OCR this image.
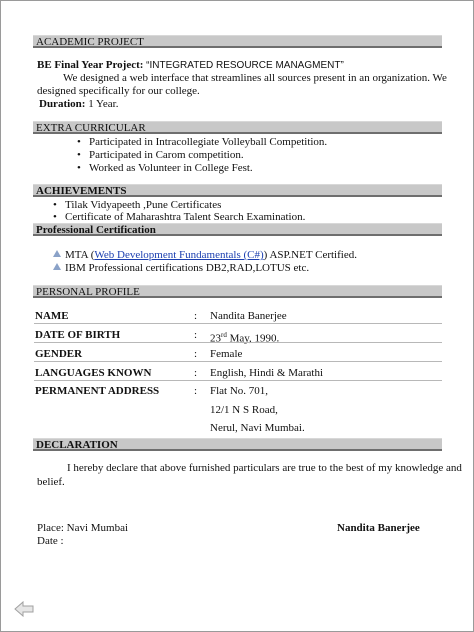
ACADEMIC PROJECT
BE Final Year Project: “INTEGRATED RESOURCE MANAGMENT”
We designed a web interface that streamlines all sources present in an organization. We
designed specifically for our college.
Duration: 1 Year.
EXTRA CURRICULAR
• Participated in Intracollegiate Volleyball Competition.
• Participated in Carom competition.
• Worked as Volunteer in College Fest.
ACHIEVEMENTS
• Tilak Vidyapeeth ,Pune Certificates
• Certificate of Maharashtra Talent Search Examination.
Professional Certification
MTA (Web Development Fundamentals (C#)) ASP.NET Certified.
IBM Professional certifications DB2,RAD,LOTUS etc.
PERSONAL PROFILE
NAME	: Nandita Banerjee
DATE OF BIRTH	: 23rd May, 1990.
GENDER	: Female
LANGUAGES KNOWN	: English, Hindi & Marathi
PERMANENT ADDRESS	: Flat No. 701,
12/1 N S Road,
Nerul, Navi Mumbai.
DECLARATION
I hereby declare that above furnished particulars are true to the best of my knowledge and
belief.
Place: Navi Mumbai
Date :
Nandita Banerjee
